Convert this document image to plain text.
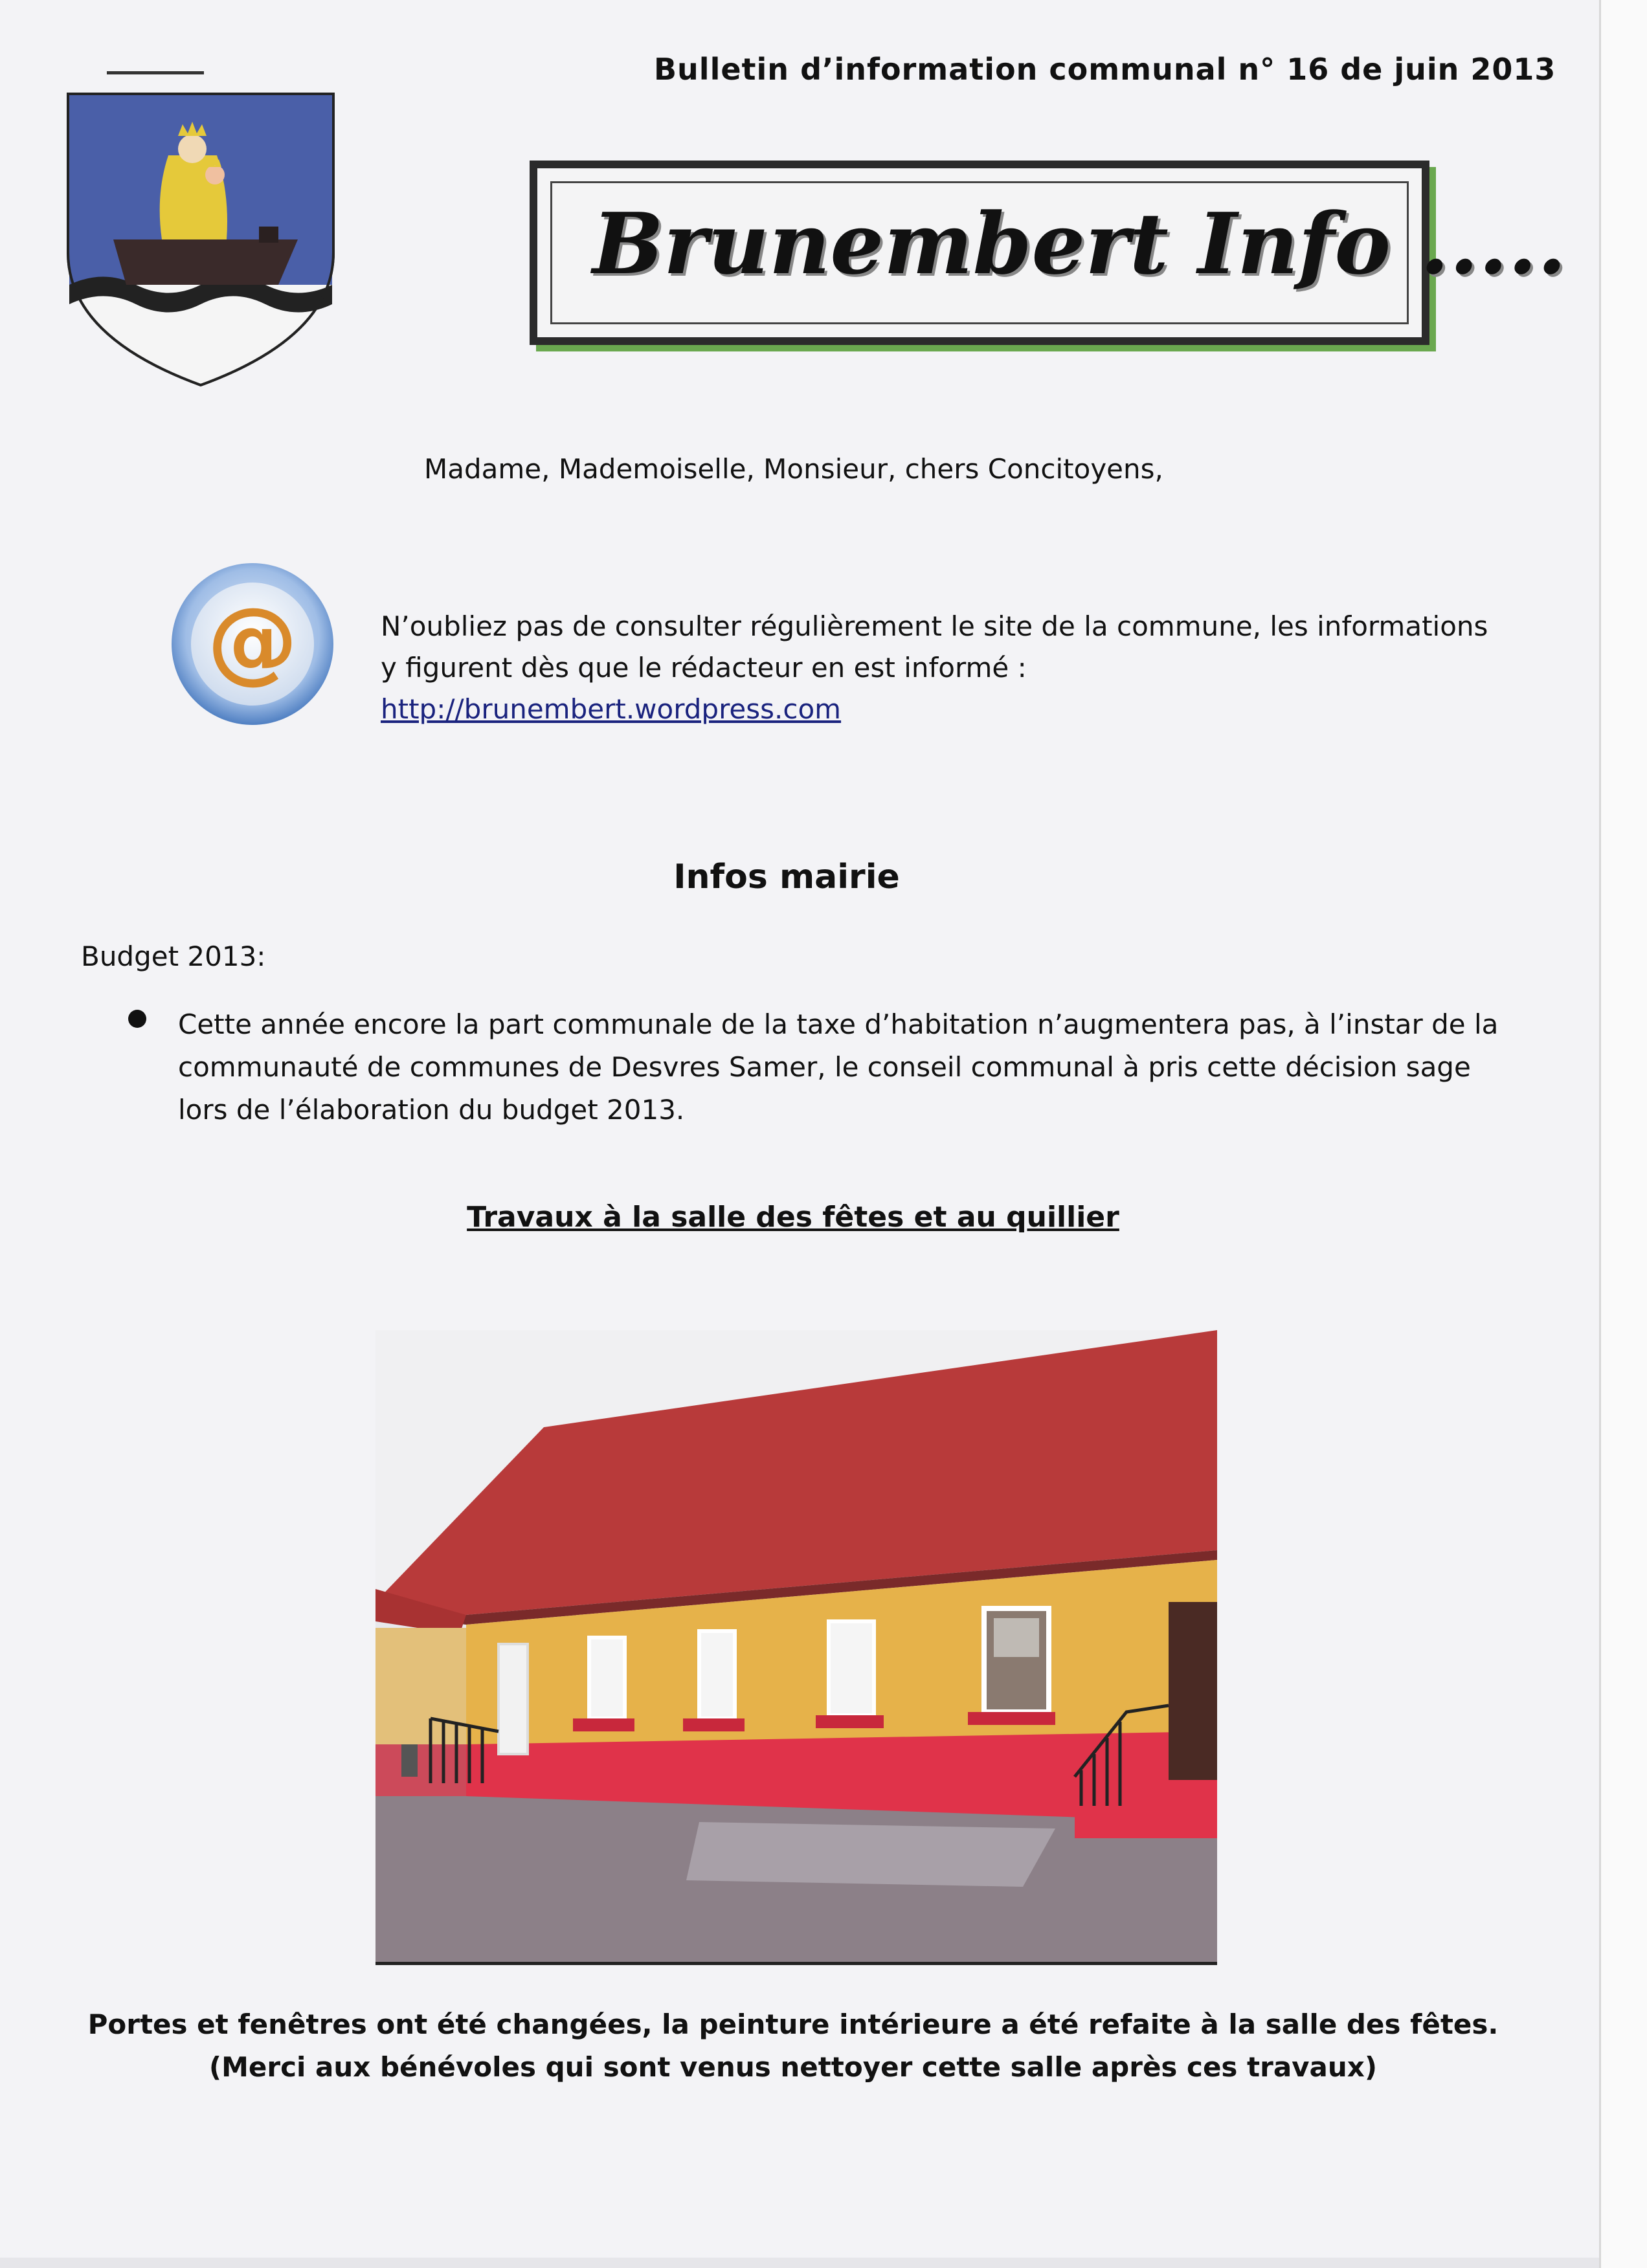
Bulletin d’information communal n° 16 de juin 2013
Brunembert Info .....
Madame, Mademoiselle, Monsieur, chers Concitoyens,
@	N’oubliez pas de consulter régulièrement le site de la commune, les informations
y figurent dès que le rédacteur en est informé :
http://brunembert.wordpress.com
Infos mairie
Budget 2013:
Cette année encore la part communale de la taxe d’habitation n’augmentera pas, à l’instar de la
communauté de communes de Desvres Samer, le conseil communal à pris cette décision sage
lors de l’élaboration du budget 2013.
Travaux à la salle des fêtes et au quillier
Portes et fenêtres ont été changées, la peinture intérieure a été refaite à la salle des fêtes.
(Merci aux bénévoles qui sont venus nettoyer cette salle après ces travaux)
